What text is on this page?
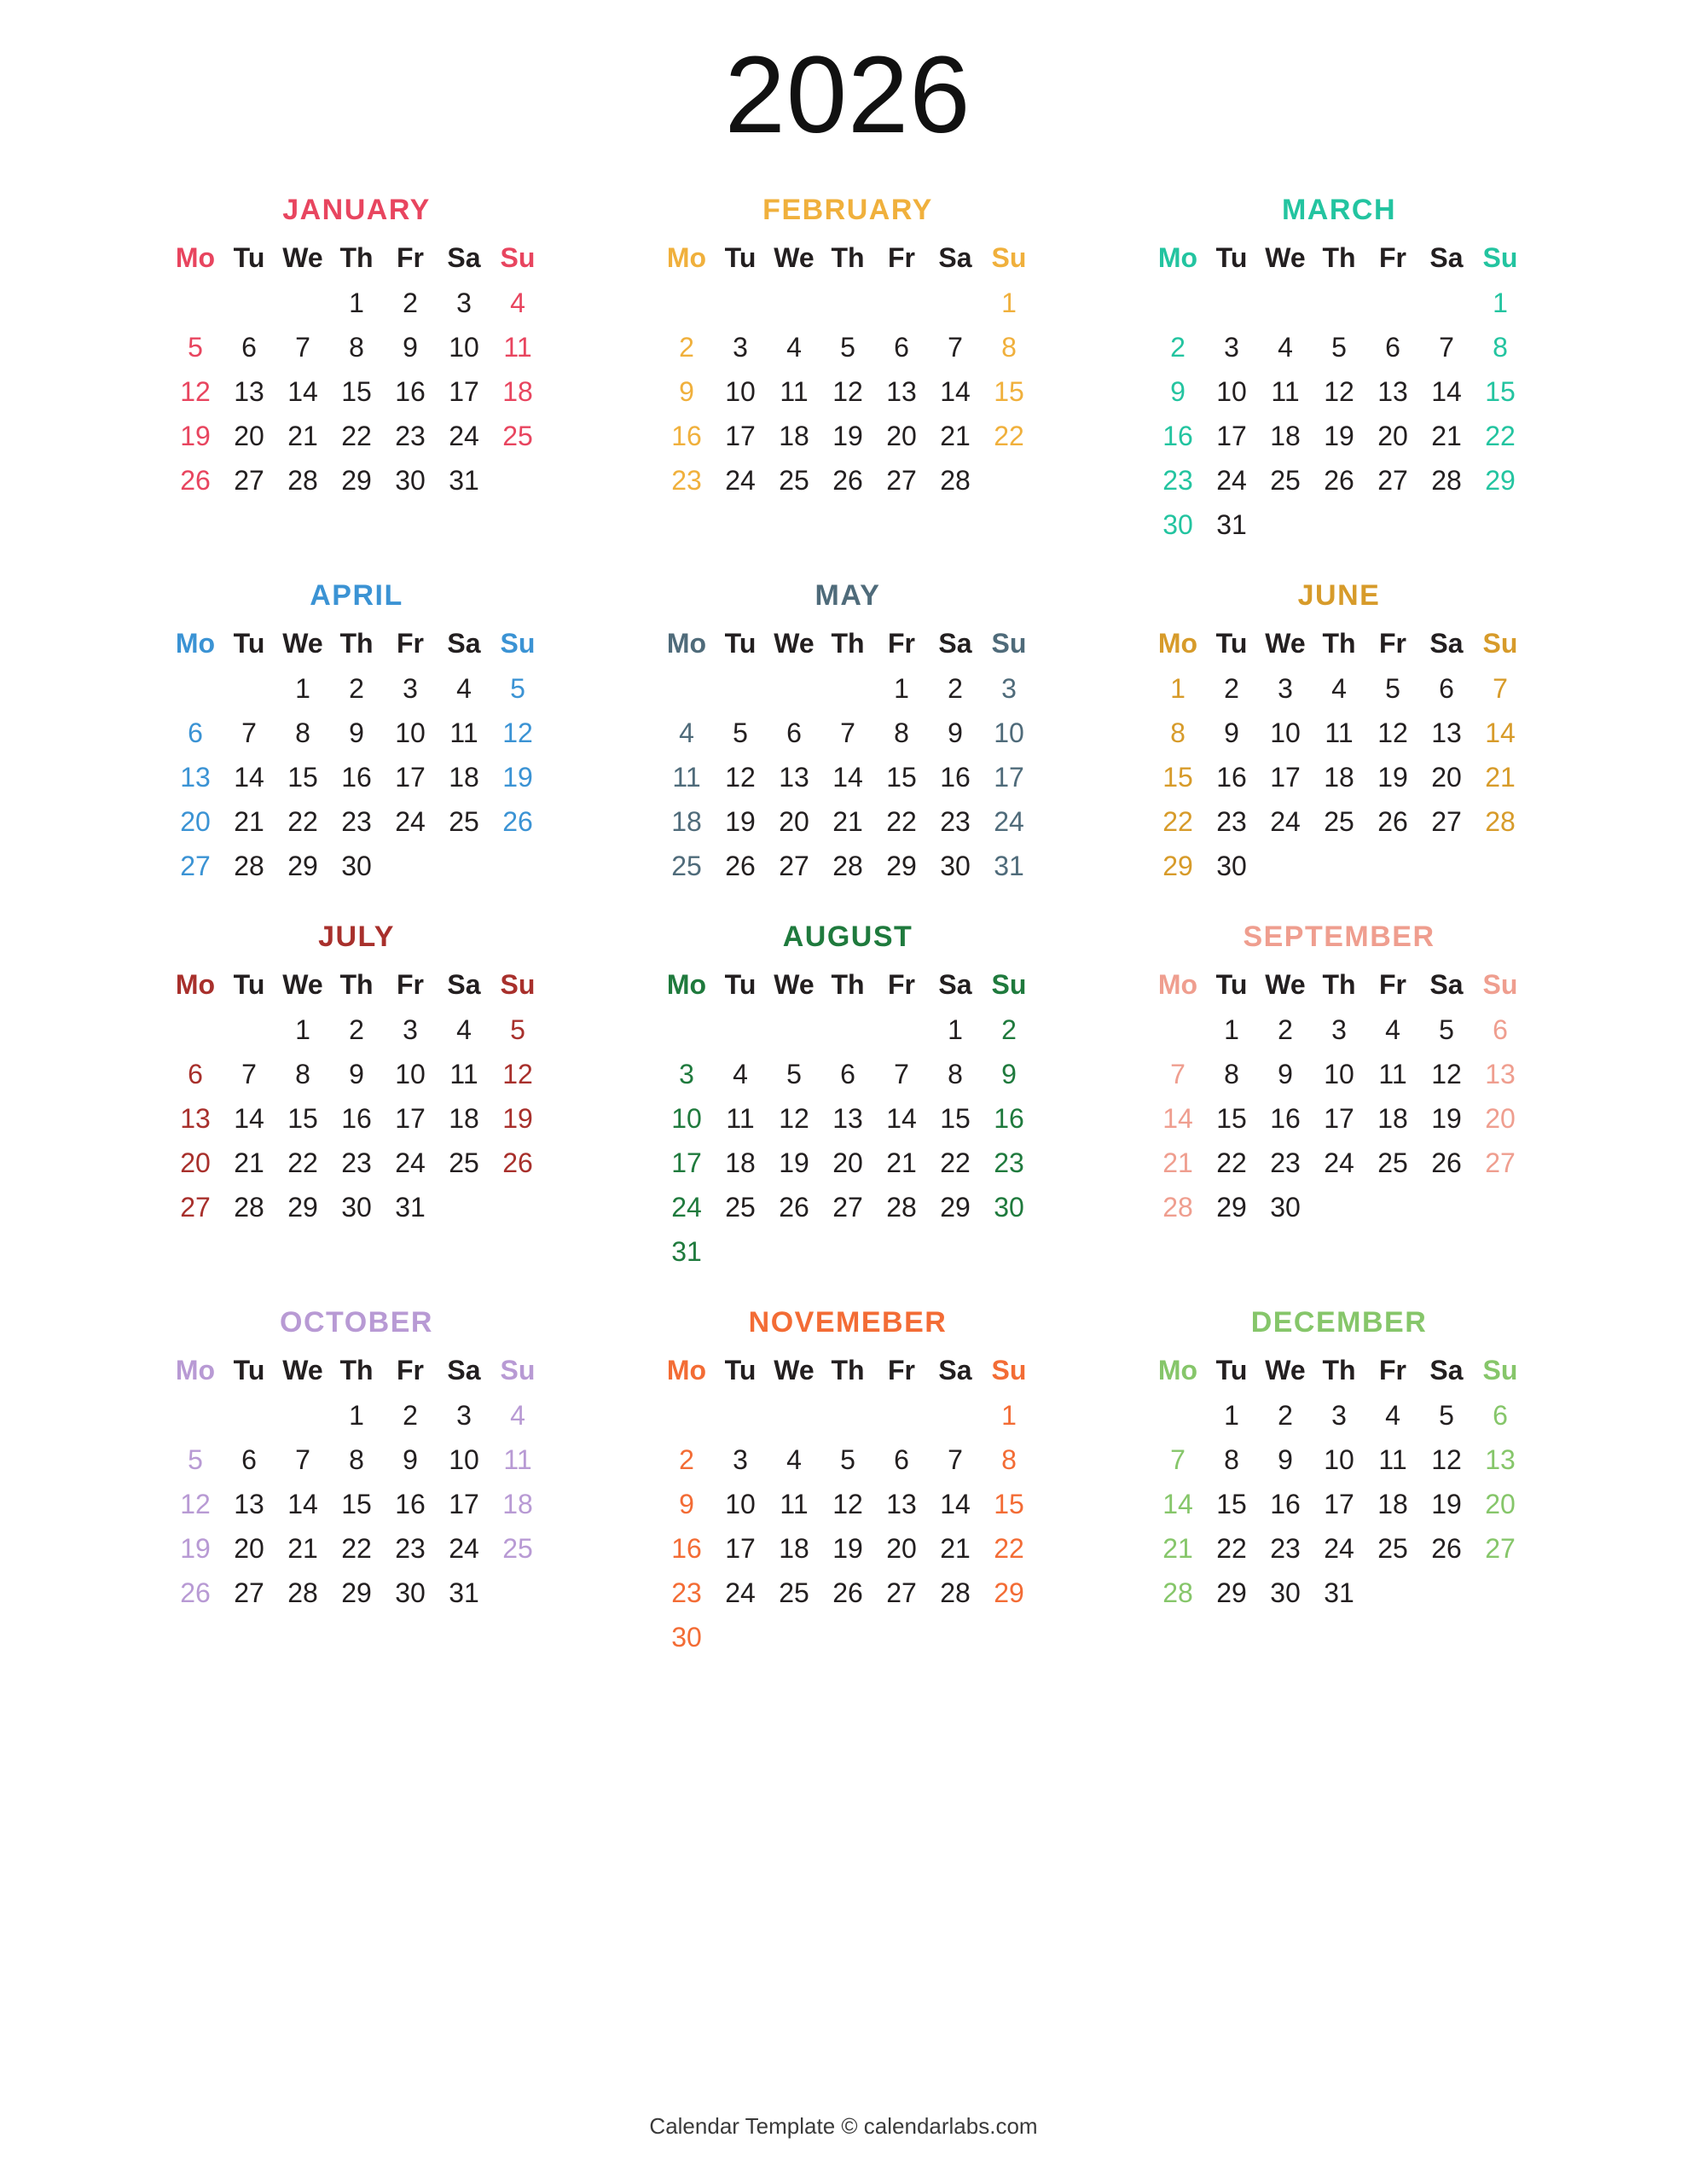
2026
JANUARY
Mo	Tu	We	Th	Fr	Sa	Su
			1	2	3	4
5	6	7	8	9	10	11
12	13	14	15	16	17	18
19	20	21	22	23	24	25
26	27	28	29	30	31	
FEBRUARY
Mo	Tu	We	Th	Fr	Sa	Su
						1
2	3	4	5	6	7	8
9	10	11	12	13	14	15
16	17	18	19	20	21	22
23	24	25	26	27	28	
MARCH
Mo	Tu	We	Th	Fr	Sa	Su
						1
2	3	4	5	6	7	8
9	10	11	12	13	14	15
16	17	18	19	20	21	22
23	24	25	26	27	28	29
30	31					
APRIL
Mo	Tu	We	Th	Fr	Sa	Su
		1	2	3	4	5
6	7	8	9	10	11	12
13	14	15	16	17	18	19
20	21	22	23	24	25	26
27	28	29	30			
MAY
Mo	Tu	We	Th	Fr	Sa	Su
				1	2	3
4	5	6	7	8	9	10
11	12	13	14	15	16	17
18	19	20	21	22	23	24
25	26	27	28	29	30	31
JUNE
Mo	Tu	We	Th	Fr	Sa	Su
1	2	3	4	5	6	7
8	9	10	11	12	13	14
15	16	17	18	19	20	21
22	23	24	25	26	27	28
29	30					
JULY
Mo	Tu	We	Th	Fr	Sa	Su
		1	2	3	4	5
6	7	8	9	10	11	12
13	14	15	16	17	18	19
20	21	22	23	24	25	26
27	28	29	30	31		
AUGUST
Mo	Tu	We	Th	Fr	Sa	Su
					1	2
3	4	5	6	7	8	9
10	11	12	13	14	15	16
17	18	19	20	21	22	23
24	25	26	27	28	29	30
31						
SEPTEMBER
Mo	Tu	We	Th	Fr	Sa	Su
	1	2	3	4	5	6
7	8	9	10	11	12	13
14	15	16	17	18	19	20
21	22	23	24	25	26	27
28	29	30				
OCTOBER
Mo	Tu	We	Th	Fr	Sa	Su
			1	2	3	4
5	6	7	8	9	10	11
12	13	14	15	16	17	18
19	20	21	22	23	24	25
26	27	28	29	30	31	
NOVEMEBER
Mo	Tu	We	Th	Fr	Sa	Su
						1
2	3	4	5	6	7	8
9	10	11	12	13	14	15
16	17	18	19	20	21	22
23	24	25	26	27	28	29
30						
DECEMBER
Mo	Tu	We	Th	Fr	Sa	Su
	1	2	3	4	5	6
7	8	9	10	11	12	13
14	15	16	17	18	19	20
21	22	23	24	25	26	27
28	29	30	31			
Calendar Template © calendarlabs.com
